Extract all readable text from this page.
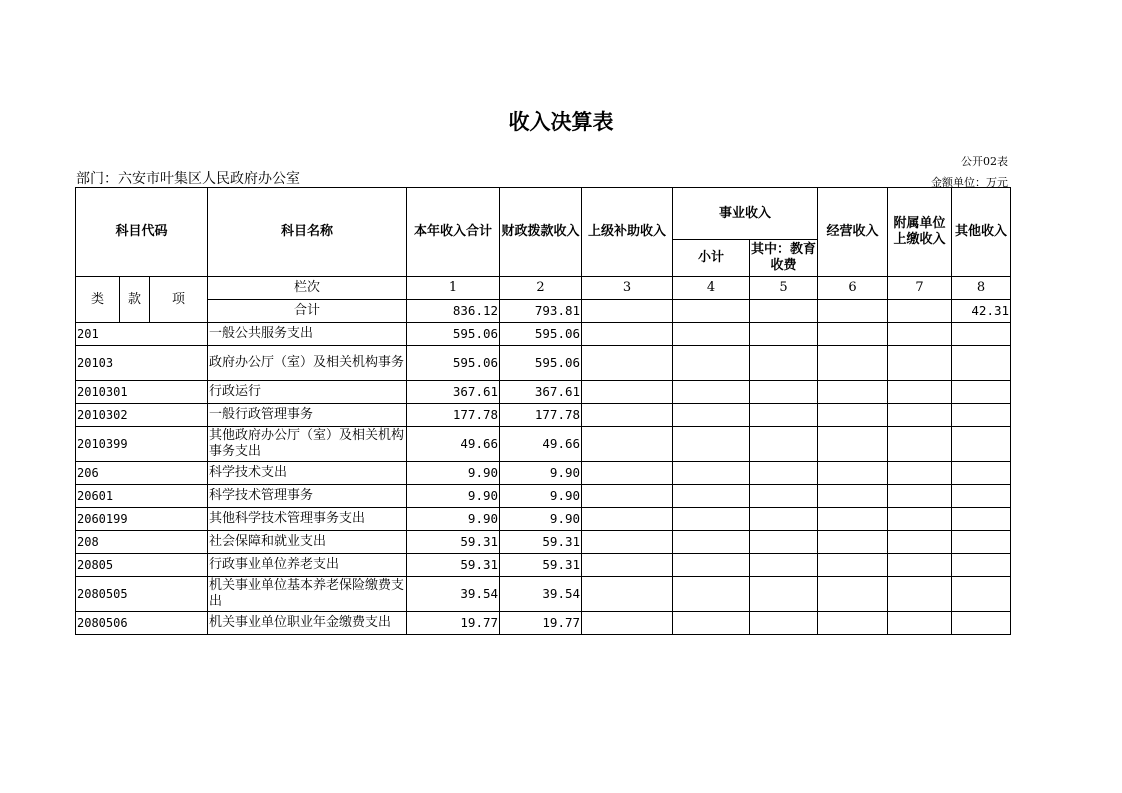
收入决算表
公开02表
部门：六安市叶集区人民政府办公室	金额单位：万元
科目代码			科目名称	本年收入合计	财政拨款收入	上级补助收入	事业收入		经营收入	附属单位上缴收入	其他收入
							小计	其中：教育收费			
类	款	项	栏次	1	2	3	4	5	6	7	8
			合计	836.12	793.81						42.31
201			一般公共服务支出	595.06	595.06						
20103			政府办公厅（室）及相关机构事务	595.06	595.06						
2010301			行政运行	367.61	367.61						
2010302			一般行政管理事务	177.78	177.78						
2010399			其他政府办公厅（室）及相关机构事务支出	49.66	49.66						
206			科学技术支出	9.90	9.90						
20601			科学技术管理事务	9.90	9.90						
2060199			其他科学技术管理事务支出	9.90	9.90						
208			社会保障和就业支出	59.31	59.31						
20805			行政事业单位养老支出	59.31	59.31						
2080505			机关事业单位基本养老保险缴费支出	39.54	39.54						
2080506			机关事业单位职业年金缴费支出	19.77	19.77						
